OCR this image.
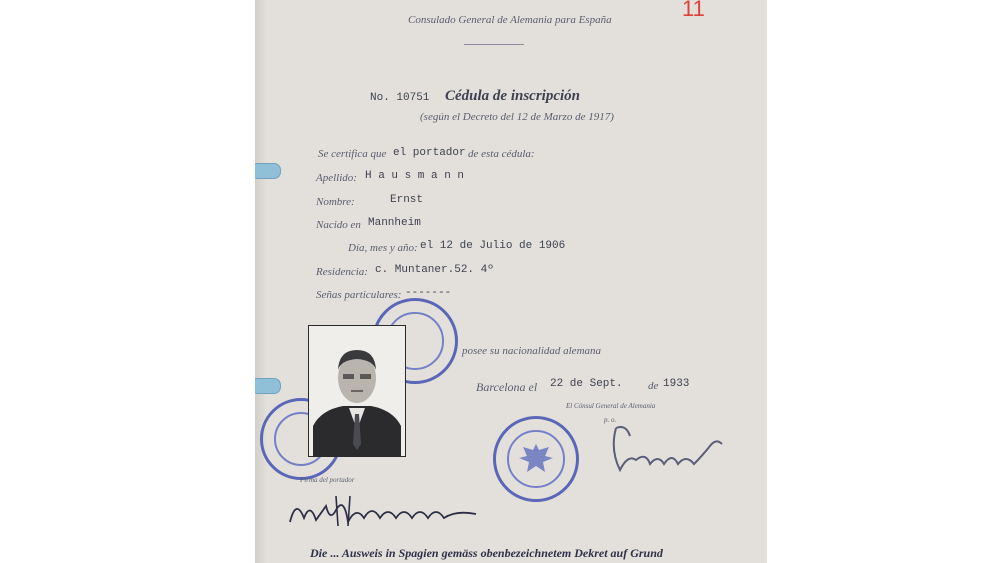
11
Consulado General de Alemania para España
No. 10751 Cédula de inscripción
(según el Decreto del 12 de Marzo de 1917)
Se certifica que el portador de esta cédula:
Apellido: H a u s m a n n
Nombre:	Ernst
Nacido en Mannheim
Día, mes y año: el 12 de Julio de 1906
Residencia: c. Muntaner.52. 4º
Señas particulares: -------
posee su nacionalidad alemana
Barcelona el 22 de Sept. de 1933
El Cónsul General de Alemania
p. o.
Firma del portador
Die ... Ausweis in Spagien gemäss obenbezeichnetem Dekret auf Grund
